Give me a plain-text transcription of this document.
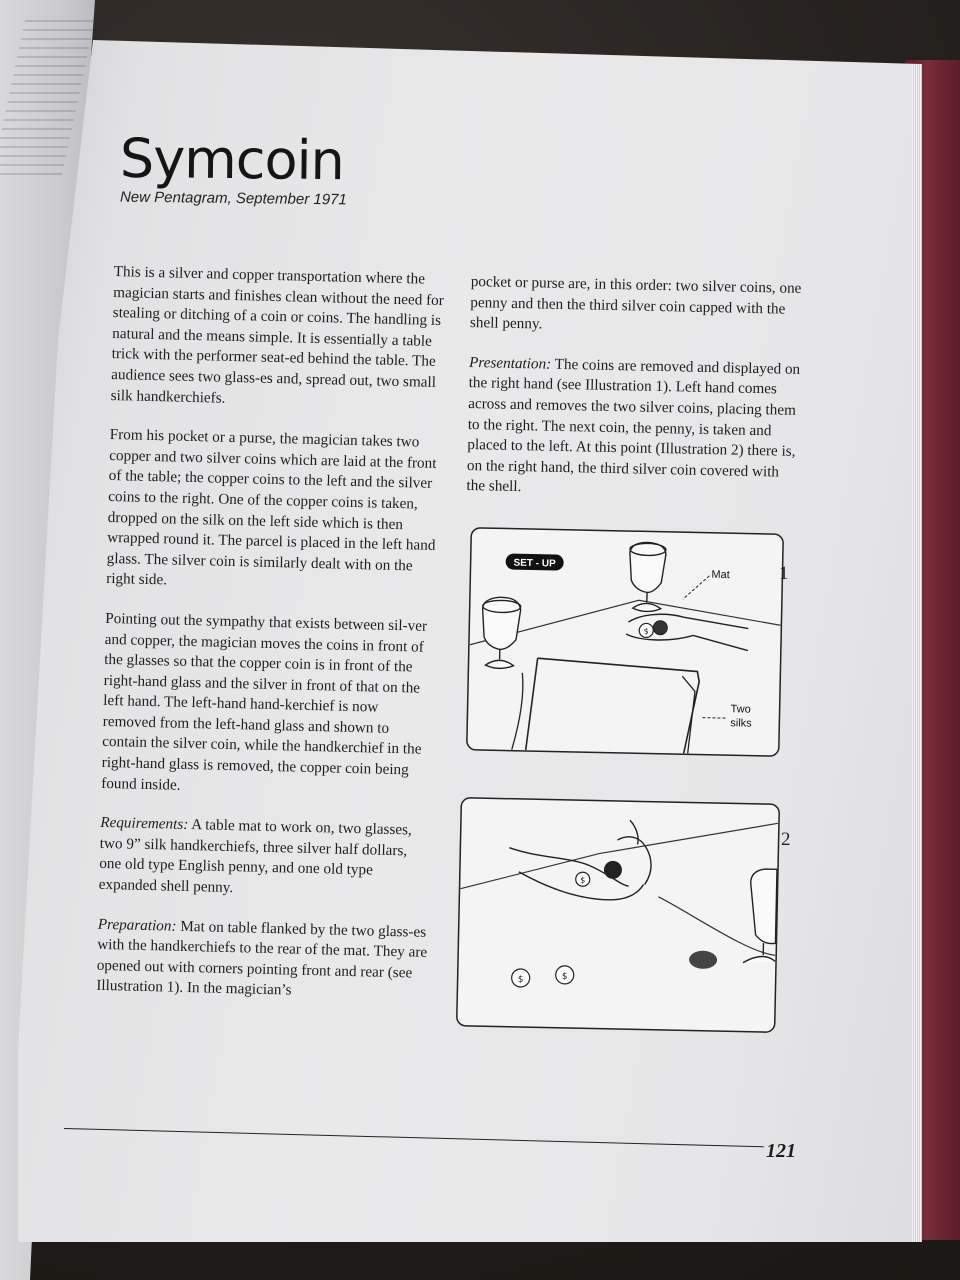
Symcoin

New Pentagram, September 1971

This is a silver and copper transportation where the magician starts and finishes clean without the need for stealing or ditching of a coin or coins. The handling is natural and the means simple. It is essentially a table trick with the performer seat-ed behind the table. The audience sees two glass-es and, spread out, two small silk handkerchiefs.

From his pocket or a purse, the magician takes two copper and two silver coins which are laid at the front of the table; the copper coins to the left and the silver coins to the right. One of the copper coins is taken, dropped on the silk on the left side which is then wrapped round it. The parcel is placed in the left hand glass. The silver coin is similarly dealt with on the right side.

Pointing out the sympathy that exists between sil-ver and copper, the magician moves the coins in front of the glasses so that the copper coin is in front of the right-hand glass and the silver in front of that on the left hand. The left-hand hand-kerchief is now removed from the left-hand glass and shown to contain the silver coin, while the handkerchief in the right-hand glass is removed, the copper coin being found inside.

Requirements: A table mat to work on, two glasses, two 9” silk handkerchiefs, three silver half dollars, one old type English penny, and one old type expanded shell penny.

Preparation: Mat on table flanked by the two glass-es with the handkerchiefs to the rear of the mat. They are opened out with corners pointing front and rear (see Illustration 1). In the magician’s

pocket or purse are, in this order: two silver coins, one penny and then the third silver coin capped with the shell penny.

Presentation: The coins are removed and displayed on the right hand (see Illustration 1). Left hand comes across and removes the two silver coins, placing them to the right. The next coin, the penny, is taken and placed to the left. At this point (Illustration 2) there is, on the right hand, the third silver coin covered with the shell.

$
SET - UP
Mat
Two
silks
1
$
$	$
2
121
